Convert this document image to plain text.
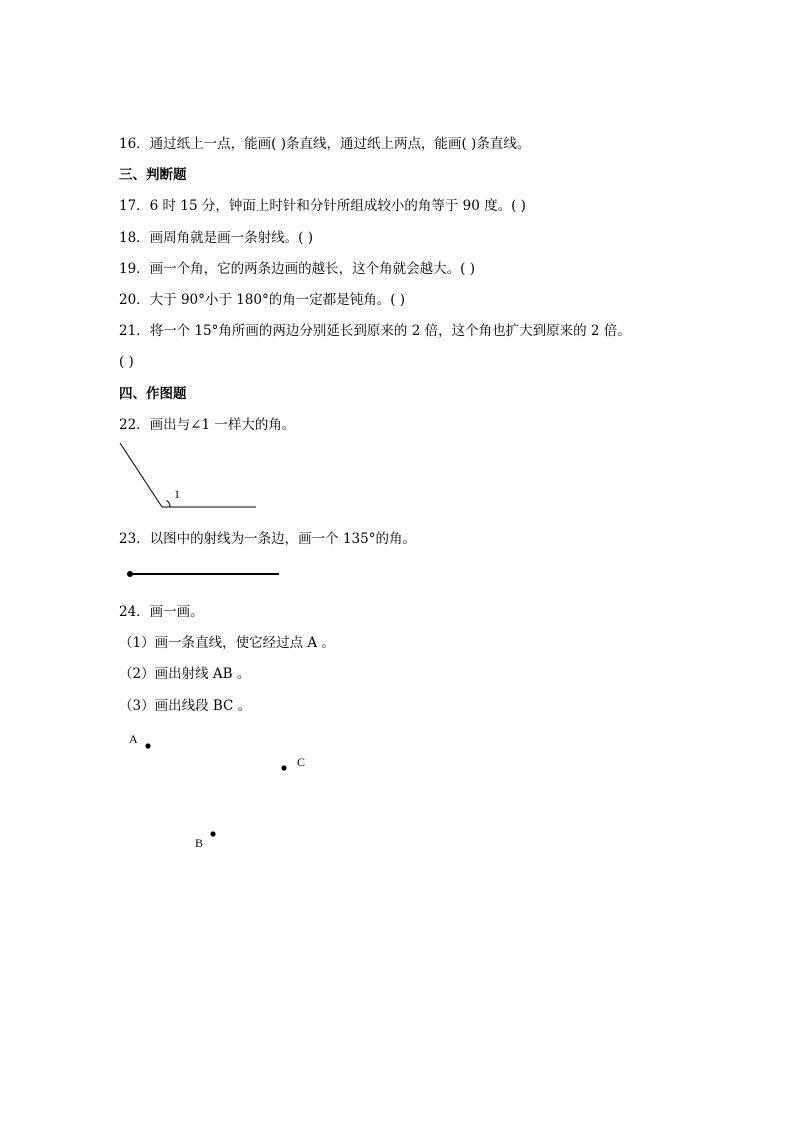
16．通过纸上一点，能画( )条直线，通过纸上两点，能画( )条直线。
三、判断题
17．6 时 15 分，钟面上时针和分针所组成较小的角等于 90 度。( )
18．画周角就是画一条射线。( )
19．画一个角，它的两条边画的越长，这个角就会越大。( )
20．大于 90°小于 180°的角一定都是钝角。( )
21．将一个 15°角所画的两边分别延长到原来的 2 倍，这个角也扩大到原来的 2 倍。
( )
四、作图题
22．画出与∠1 一样大的角。
1
23．以图中的射线为一条边，画一个 135°的角。
24．画一画。
（1）画一条直线，使它经过点 A 。
（2）画出射线 AB 。
（3）画出线段 BC 。
A
C
B
